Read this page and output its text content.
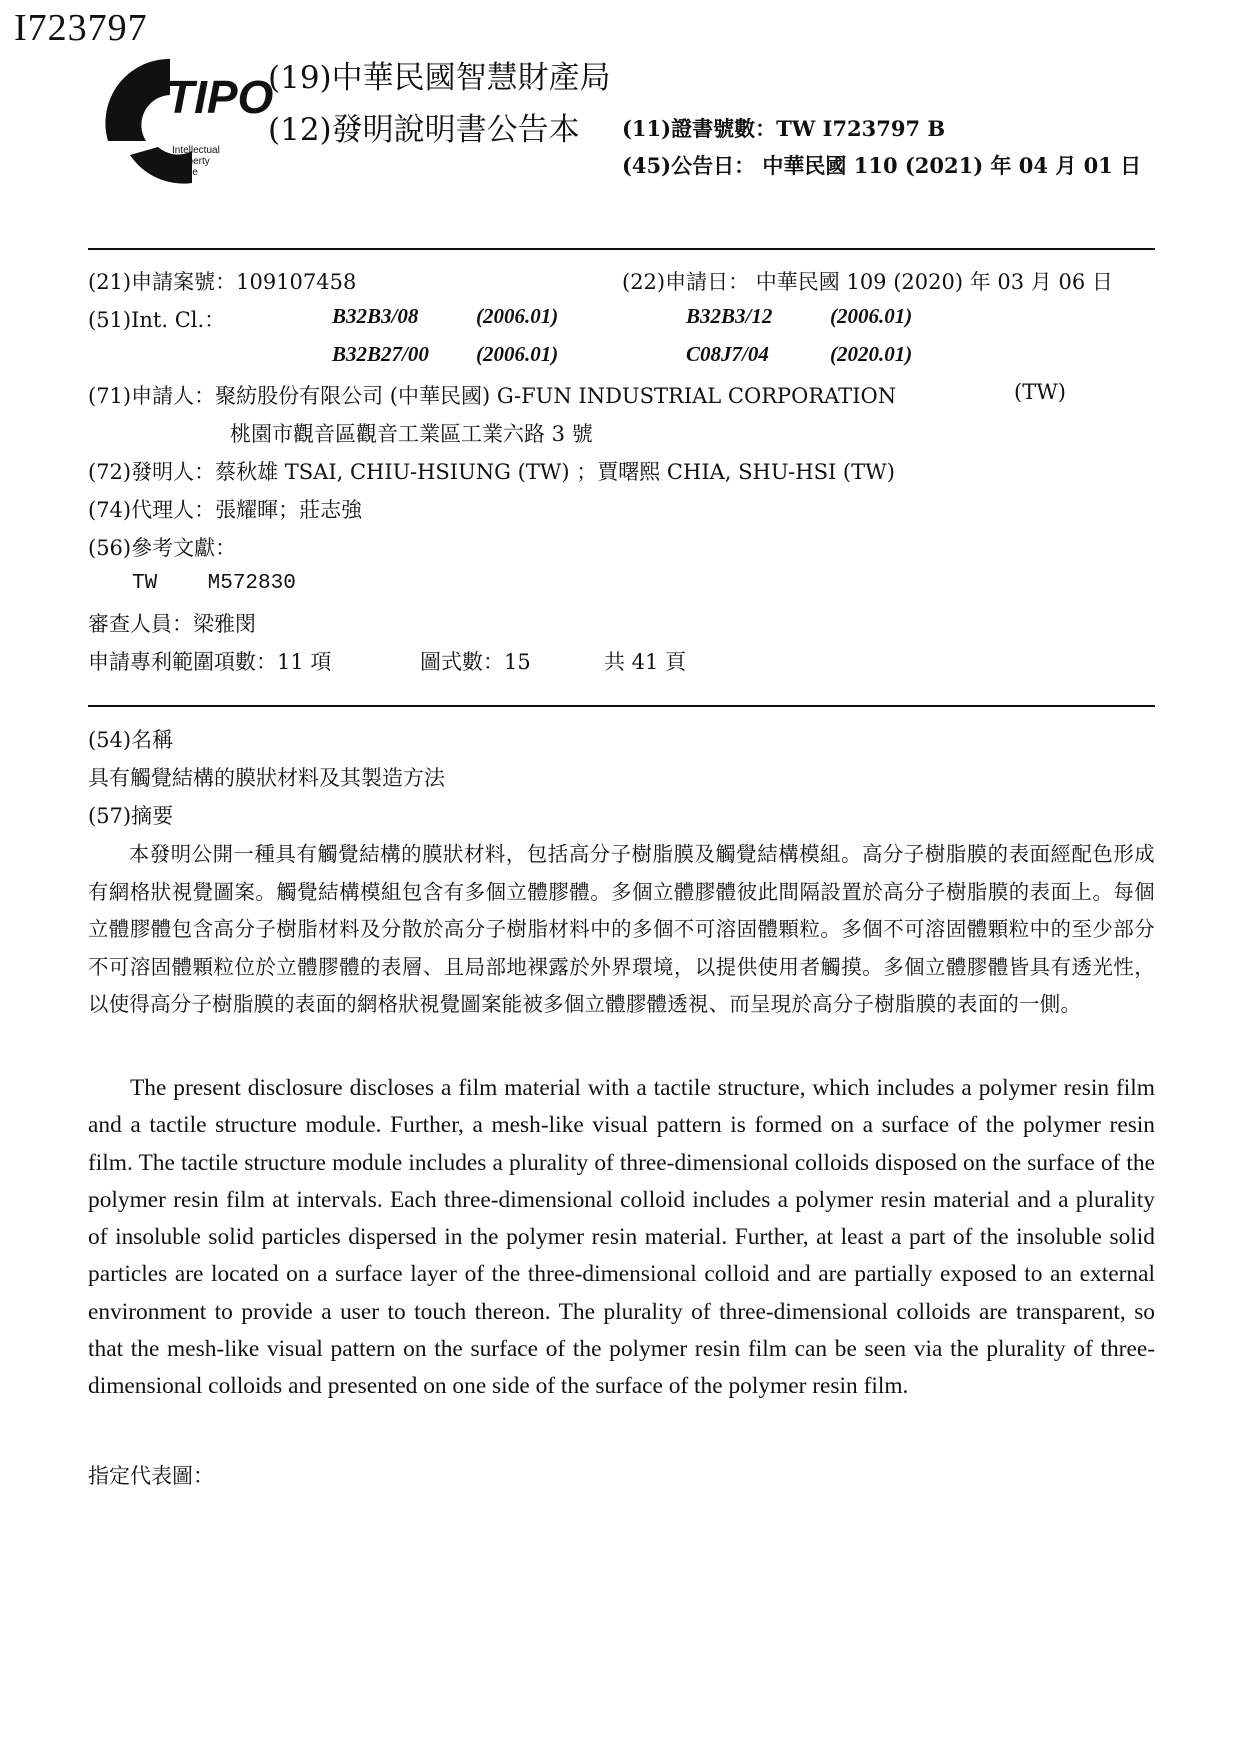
I723797
TIPO
Intellectual
Property
Office
(19)中華民國智慧財產局
(12)發明說明書公告本 (11)證書號數：TW I723797 B
(45)公告日： 中華民國 110 (2021) 年 04 月 01 日
(21)申請案號：109107458	(22)申請日： 中華民國 109 (2020) 年 03 月 06 日
(51)Int. Cl.：	B32B3/08	(2006.01)	B32B3/12	(2006.01)
B32B27/00 (2006.01)	C08J7/04	(2020.01)
(71)申請人：聚紡股份有限公司 (中華民國) G-FUN INDUSTRIAL CORPORATION	(TW)
桃園市觀音區觀音工業區工業六路 3 號
(72)發明人：蔡秋雄 TSAI, CHIU-HSIUNG (TW) ；賈曙熙 CHIA, SHU-HSI (TW)
(74)代理人：張耀暉；莊志強
(56)參考文獻：
TW    M572830
審查人員：梁雅閔
申請專利範圍項數：11 項	圖式數：15	共 41 頁
(54)名稱
具有觸覺結構的膜狀材料及其製造方法
(57)摘要

本發明公開一種具有觸覺結構的膜狀材料，包括高分子樹脂膜及觸覺結構模組。高分子樹脂膜的表面經配色形成有網格狀視覺圖案。觸覺結構模組包含有多個立體膠體。多個立體膠體彼此間隔設置於高分子樹脂膜的表面上。每個立體膠體包含高分子樹脂材料及分散於高分子樹脂材料中的多個不可溶固體顆粒。多個不可溶固體顆粒中的至少部分不可溶固體顆粒位於立體膠體的表層、且局部地裸露於外界環境，以提供使用者觸摸。多個立體膠體皆具有透光性，以使得高分子樹脂膜的表面的網格狀視覺圖案能被多個立體膠體透視、而呈現於高分子樹脂膜的表面的一側。

The present disclosure discloses a film material with a tactile structure, which includes a polymer resin film and a tactile structure module. Further, a mesh-like visual pattern is formed on a surface of the polymer resin film. The tactile structure module includes a plurality of three-dimensional colloids disposed on the surface of the polymer resin film at intervals. Each three-dimensional colloid includes a polymer resin material and a plurality of insoluble solid particles dispersed in the polymer resin material. Further, at least a part of the insoluble solid particles are located on a surface layer of the three-dimensional colloid and are partially exposed to an external environment to provide a user to touch thereon. The plurality of three-dimensional colloids are transparent, so that the mesh-like visual pattern on the surface of the polymer resin film can be seen via the plurality of three-dimensional colloids and presented on one side of the surface of the polymer resin film.

指定代表圖：
